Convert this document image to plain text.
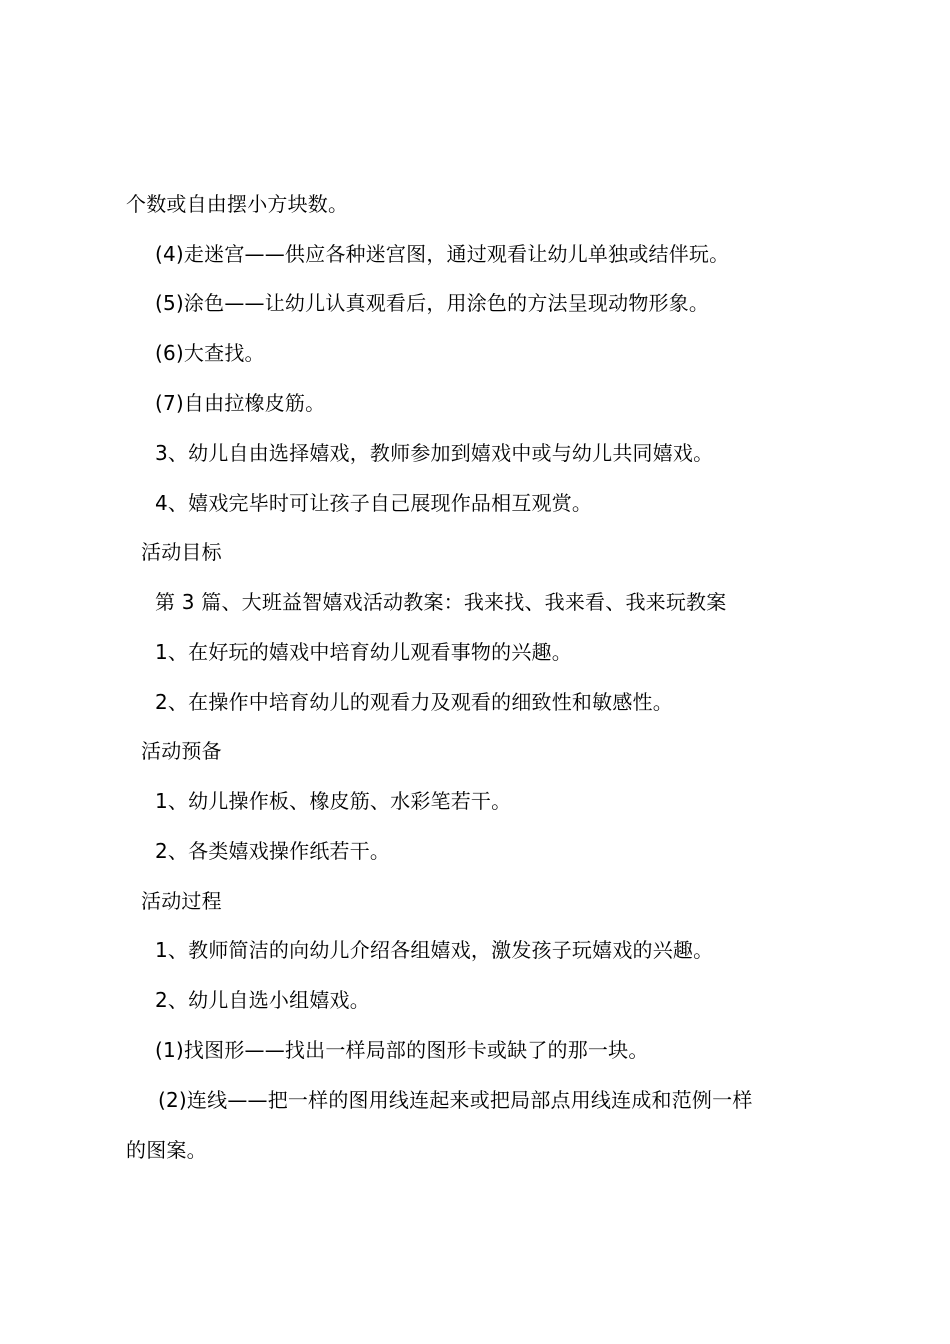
个数或自由摆小方块数。
(4)走迷宫——供应各种迷宫图，通过观看让幼儿单独或结伴玩。
(5)涂色——让幼儿认真观看后，用涂色的方法呈现动物形象。
(6)大查找。
(7)自由拉橡皮筋。
3、幼儿自由选择嬉戏，教师参加到嬉戏中或与幼儿共同嬉戏。
4、嬉戏完毕时可让孩子自己展现作品相互观赏。
活动目标
第 3 篇、大班益智嬉戏活动教案：我来找、我来看、我来玩教案
1、在好玩的嬉戏中培育幼儿观看事物的兴趣。
2、在操作中培育幼儿的观看力及观看的细致性和敏感性。
活动预备
1、幼儿操作板、橡皮筋、水彩笔若干。
2、各类嬉戏操作纸若干。
活动过程
1、教师简洁的向幼儿介绍各组嬉戏，激发孩子玩嬉戏的兴趣。
2、幼儿自选小组嬉戏。
(1)找图形——找出一样局部的图形卡或缺了的那一块。
(2)连线——把一样的图用线连起来或把局部点用线连成和范例一样
的图案。
